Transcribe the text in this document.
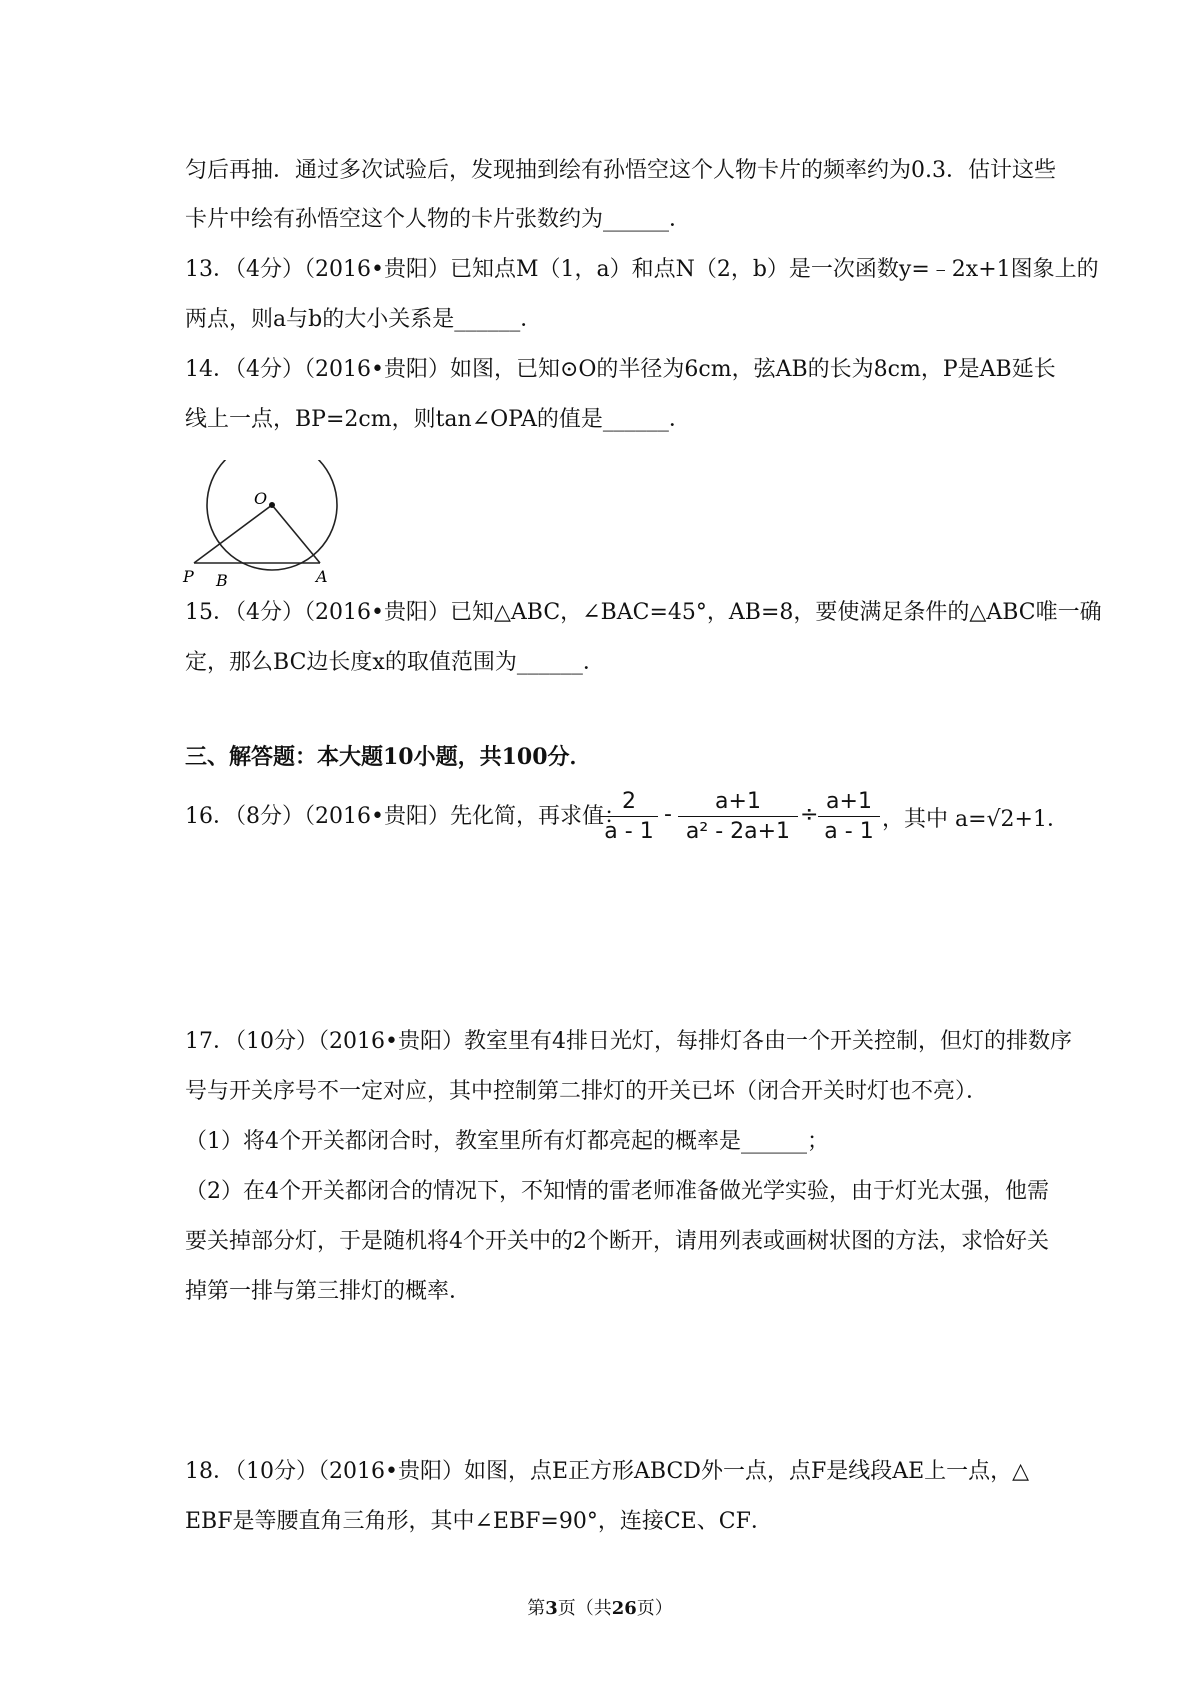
匀后再抽．通过多次试验后，发现抽到绘有孙悟空这个人物卡片的频率约为0.3．估计这些
卡片中绘有孙悟空这个人物的卡片张数约为______．
13．（4分）（2016•贵阳）已知点M（1，a）和点N（2，b）是一次函数y=﹣2x+1图象上的
两点，则a与b的大小关系是______．
14．（4分）（2016•贵阳）如图，已知⊙O的半径为6cm，弦AB的长为8cm，P是AB延长
线上一点，BP=2cm，则tan∠OPA的值是______．
O
P B	A
15．（4分）（2016•贵阳）已知△ABC，∠BAC=45°，AB=8，要使满足条件的△ABC唯一确
定，那么BC边长度x的取值范围为______．
三、解答题：本大题10小题，共100分．
16．（8分）（2016•贵阳）先化简，再求值：
$\frac{2}{a - 1} - \frac{a+1}{\text{a² - 2a+1}} \div \frac{a+1}{a - 1}$ ，其中 a=√2+1．
17．（10分）（2016•贵阳）教室里有4排日光灯，每排灯各由一个开关控制，但灯的排数序
号与开关序号不一定对应，其中控制第二排灯的开关已坏（闭合开关时灯也不亮）．
（1）将4个开关都闭合时，教室里所有灯都亮起的概率是______；
（2）在4个开关都闭合的情况下，不知情的雷老师准备做光学实验，由于灯光太强，他需
要关掉部分灯，于是随机将4个开关中的2个断开，请用列表或画树状图的方法，求恰好关
掉第一排与第三排灯的概率．
18．（10分）（2016•贵阳）如图，点E正方形ABCD外一点，点F是线段AE上一点，△
EBF是等腰直角三角形，其中∠EBF=90°，连接CE、CF．
第3页（共26页）
